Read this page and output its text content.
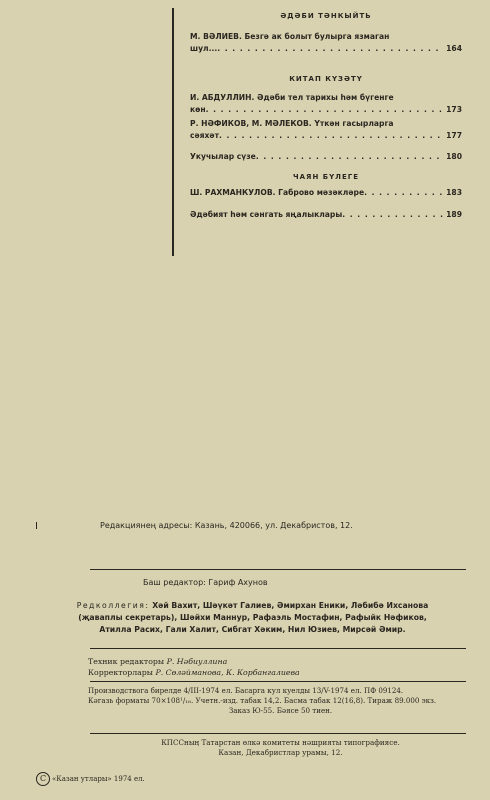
ӘДӘБИ ТӘНКЫЙТЬ
М. ВӘЛИЕВ. Безгә ак болыт булырга язмаган
шул... . . .	164
КИТАП КҮЗӘТҮ
И. АБДУЛЛИН. Әдәби тел тарихы һәм бүгенге
көн . . .	173
Р. НӘФИКОВ, М. МӘЛЕКОВ. Үткән гасырларга
сәяхәт . . .	177
Укучылар сүзе . . .	180
ЧАЯН БҮЛЕГЕ
Ш. РАХМАНКУЛОВ. Габрово мәзәкләре . . .	183
Әдәбият һәм сәнгать яңалыклары . . .	189
Редакциянең адресы: Казань, 420066, ул. Декабристов, 12.
Баш редактор: Гариф Ахунов
Редколлегия: Хәй Вахит, Шәүкәт Галиев, Әмирхан Еники, Ләбибә Ихсанова
(җаваплы секретарь), Шәйхи Маннур, Рафаэль Мостафин, Рафыйк Нәфиков,
Атилла Расих, Гали Халит, Сибгат Хәким, Нил Юзиев, Мирсәй Әмир.
Техник редакторы Р. Нәбиуллина
Корректорлары Р. Сөләйманова, К. Корбангалиева
Производствога бирелде 4/III-1974 ел. Басарга кул куелды 13/V-1974 ел. ПФ 09124.
Кәгазь форматы 70×108¹/₁₆. Учетн.-изд. табак 14,2. Басма табак 12(16,8). Тираж 89.000 экз.
Заказ Ю-55. Бәясе 50 тиен.
КПССның Татарстан өлкә комитеты нәшрияты типографиясе.
Казан, Декабристлар урамы, 12.
C «Казан утлары» 1974 ел.
